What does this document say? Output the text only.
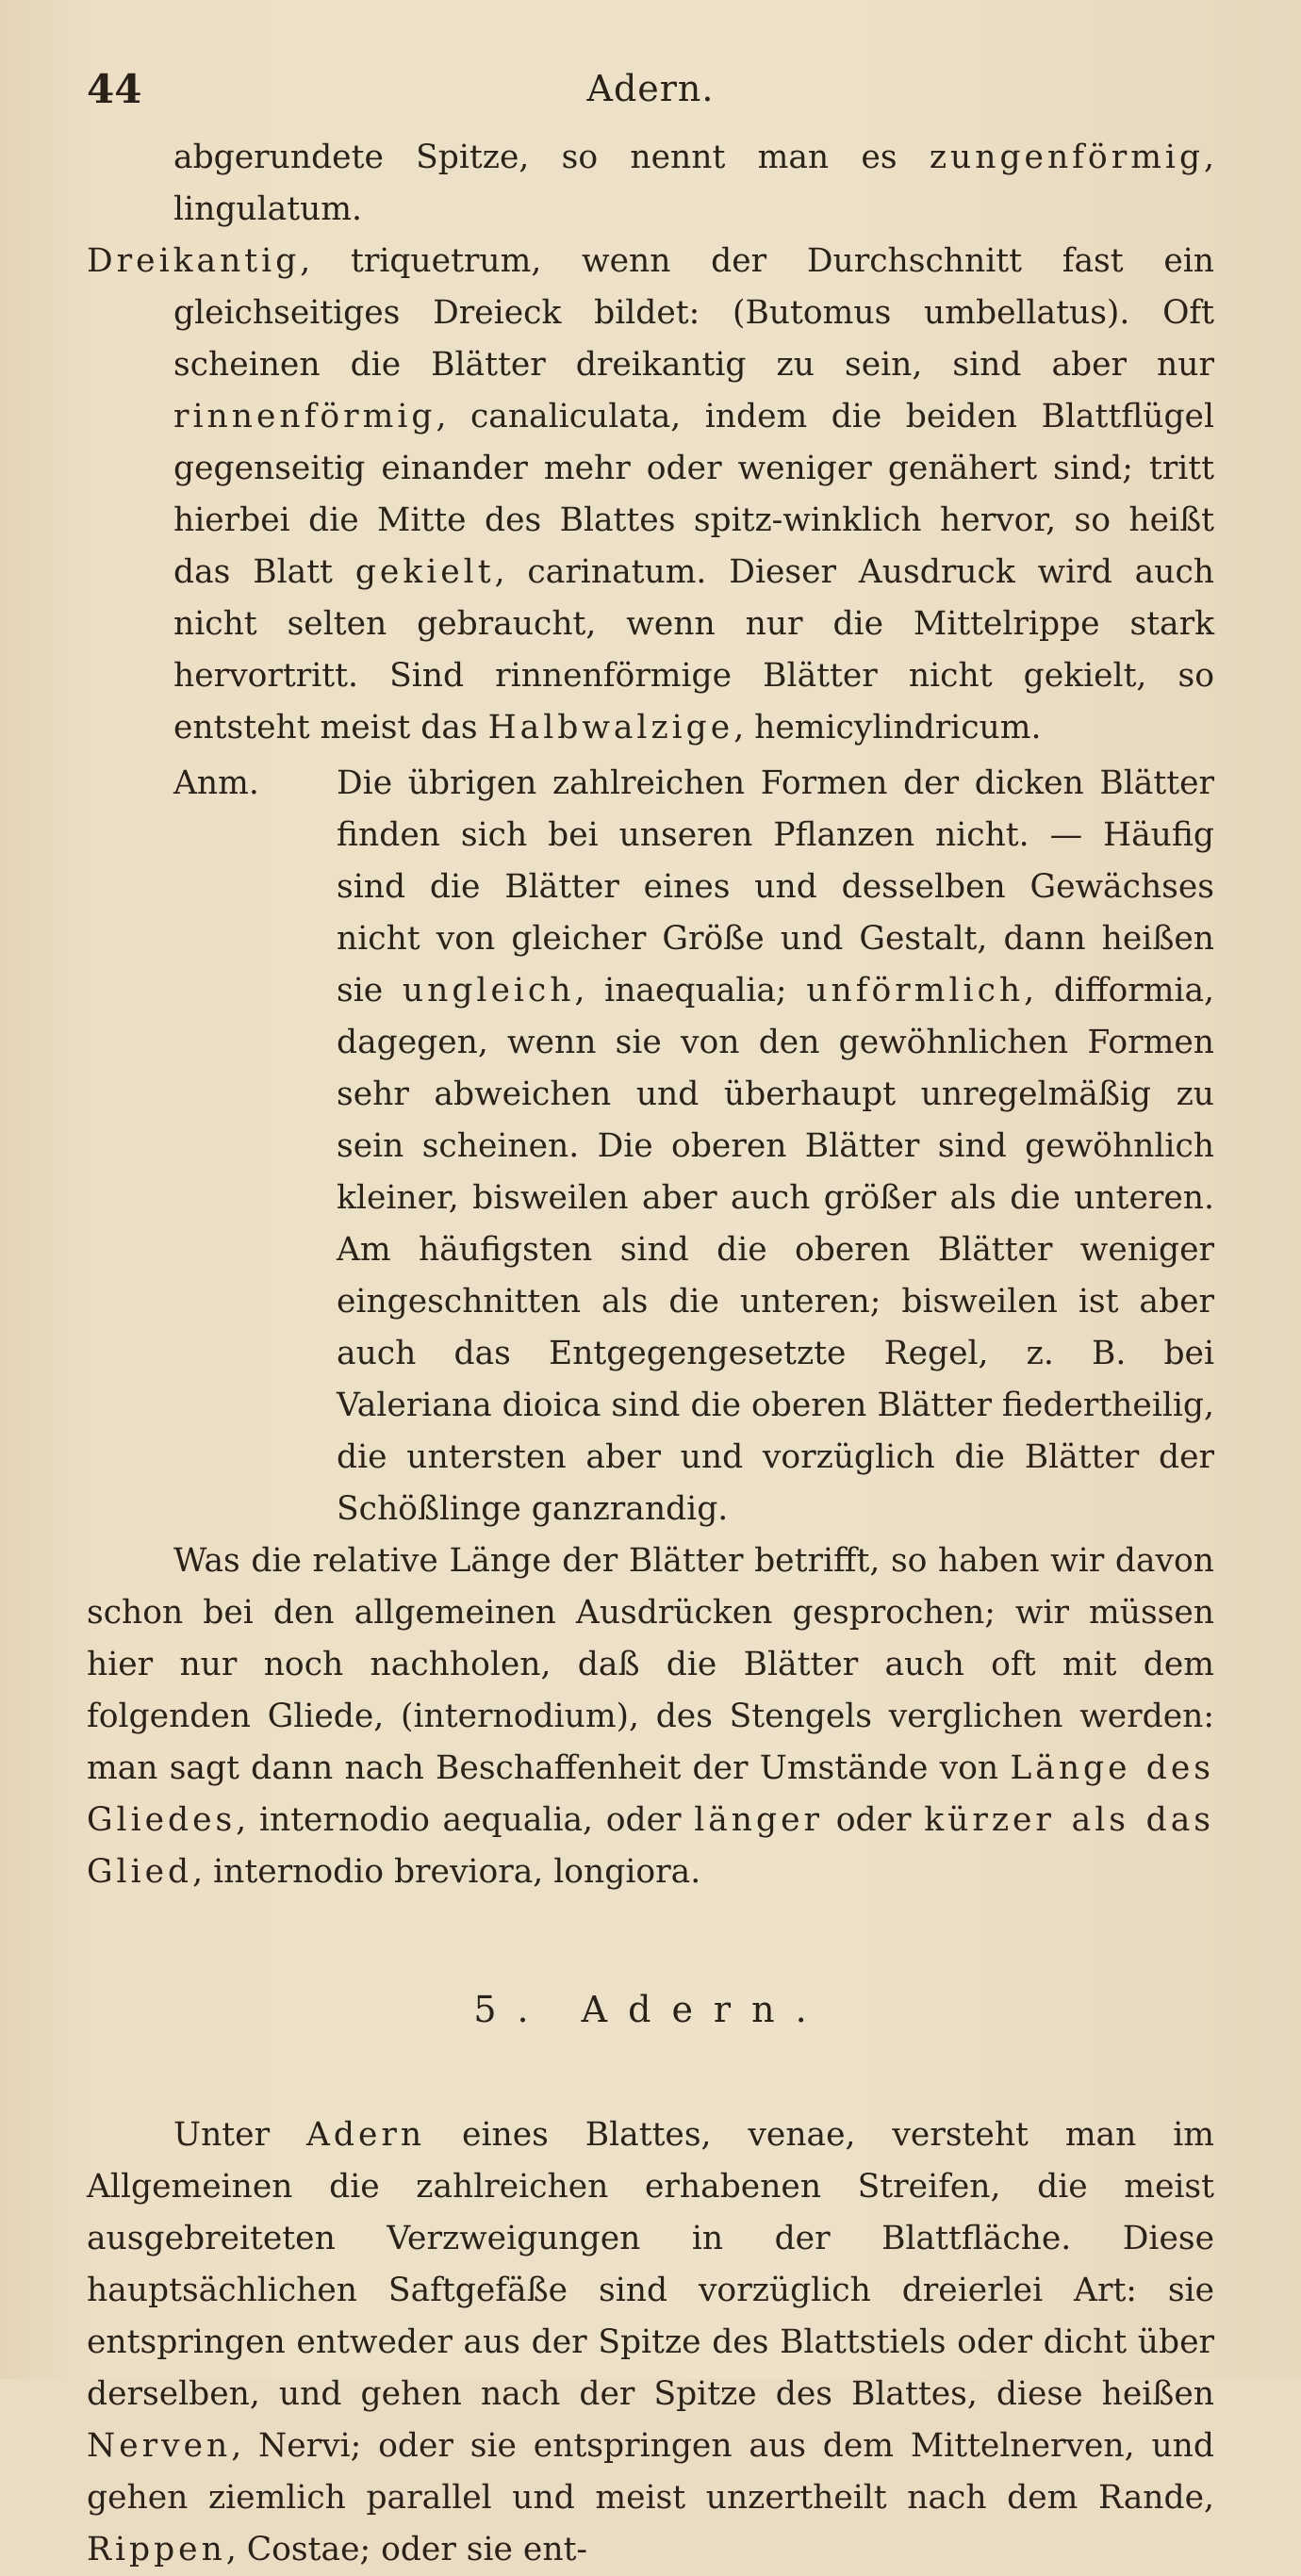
44	Adern.

abgerundete Spitze, so nennt man es zungenförmig, lingulatum.

Dreikantig, triquetrum, wenn der Durchschnitt fast ein gleichseitiges Dreieck bildet: (Butomus umbellatus). Oft scheinen die Blätter dreikantig zu sein, sind aber nur rinnenförmig, canaliculata, indem die beiden Blattflügel gegenseitig einander mehr oder weniger genähert sind; tritt hierbei die Mitte des Blattes spitz-winklich hervor, so heißt das Blatt gekielt, carinatum. Dieser Ausdruck wird auch nicht selten gebraucht, wenn nur die Mittelrippe stark hervortritt. Sind rinnenförmige Blätter nicht gekielt, so entsteht meist das Halbwalzige, hemicylindricum.

Anm. Die übrigen zahlreichen Formen der dicken Blätter finden sich bei unseren Pflanzen nicht. — Häufig sind die Blätter eines und desselben Gewächses nicht von gleicher Größe und Gestalt, dann heißen sie ungleich, inaequalia; unförmlich, difformia, dagegen, wenn sie von den gewöhnlichen Formen sehr abweichen und überhaupt unregelmäßig zu sein scheinen. Die oberen Blätter sind gewöhnlich kleiner, bisweilen aber auch größer als die unteren. Am häufigsten sind die oberen Blätter weniger eingeschnitten als die unteren; bisweilen ist aber auch das Entgegengesetzte Regel, z. B. bei Valeriana dioica sind die oberen Blätter fiedertheilig, die untersten aber und vorzüglich die Blätter der Schößlinge ganzrandig.

Was die relative Länge der Blätter betrifft, so haben wir davon schon bei den allgemeinen Ausdrücken gesprochen; wir müssen hier nur noch nachholen, daß die Blätter auch oft mit dem folgenden Gliede, (internodium), des Stengels verglichen werden: man sagt dann nach Beschaffenheit der Umstände von Länge des Gliedes, internodio aequalia, oder länger oder kürzer als das Glied, internodio breviora, longiora.

5. Adern.

Unter Adern eines Blattes, venae, versteht man im Allgemeinen die zahlreichen erhabenen Streifen, die meist ausgebreiteten Verzweigungen in der Blattfläche. Diese hauptsächlichen Saftgefäße sind vorzüglich dreierlei Art: sie entspringen entweder aus der Spitze des Blattstiels oder dicht über derselben, und gehen nach der Spitze des Blattes, diese heißen Nerven, Nervi; oder sie entspringen aus dem Mittelnerven, und gehen ziemlich parallel und meist unzertheilt nach dem Rande, Rippen, Costae; oder sie ent-
